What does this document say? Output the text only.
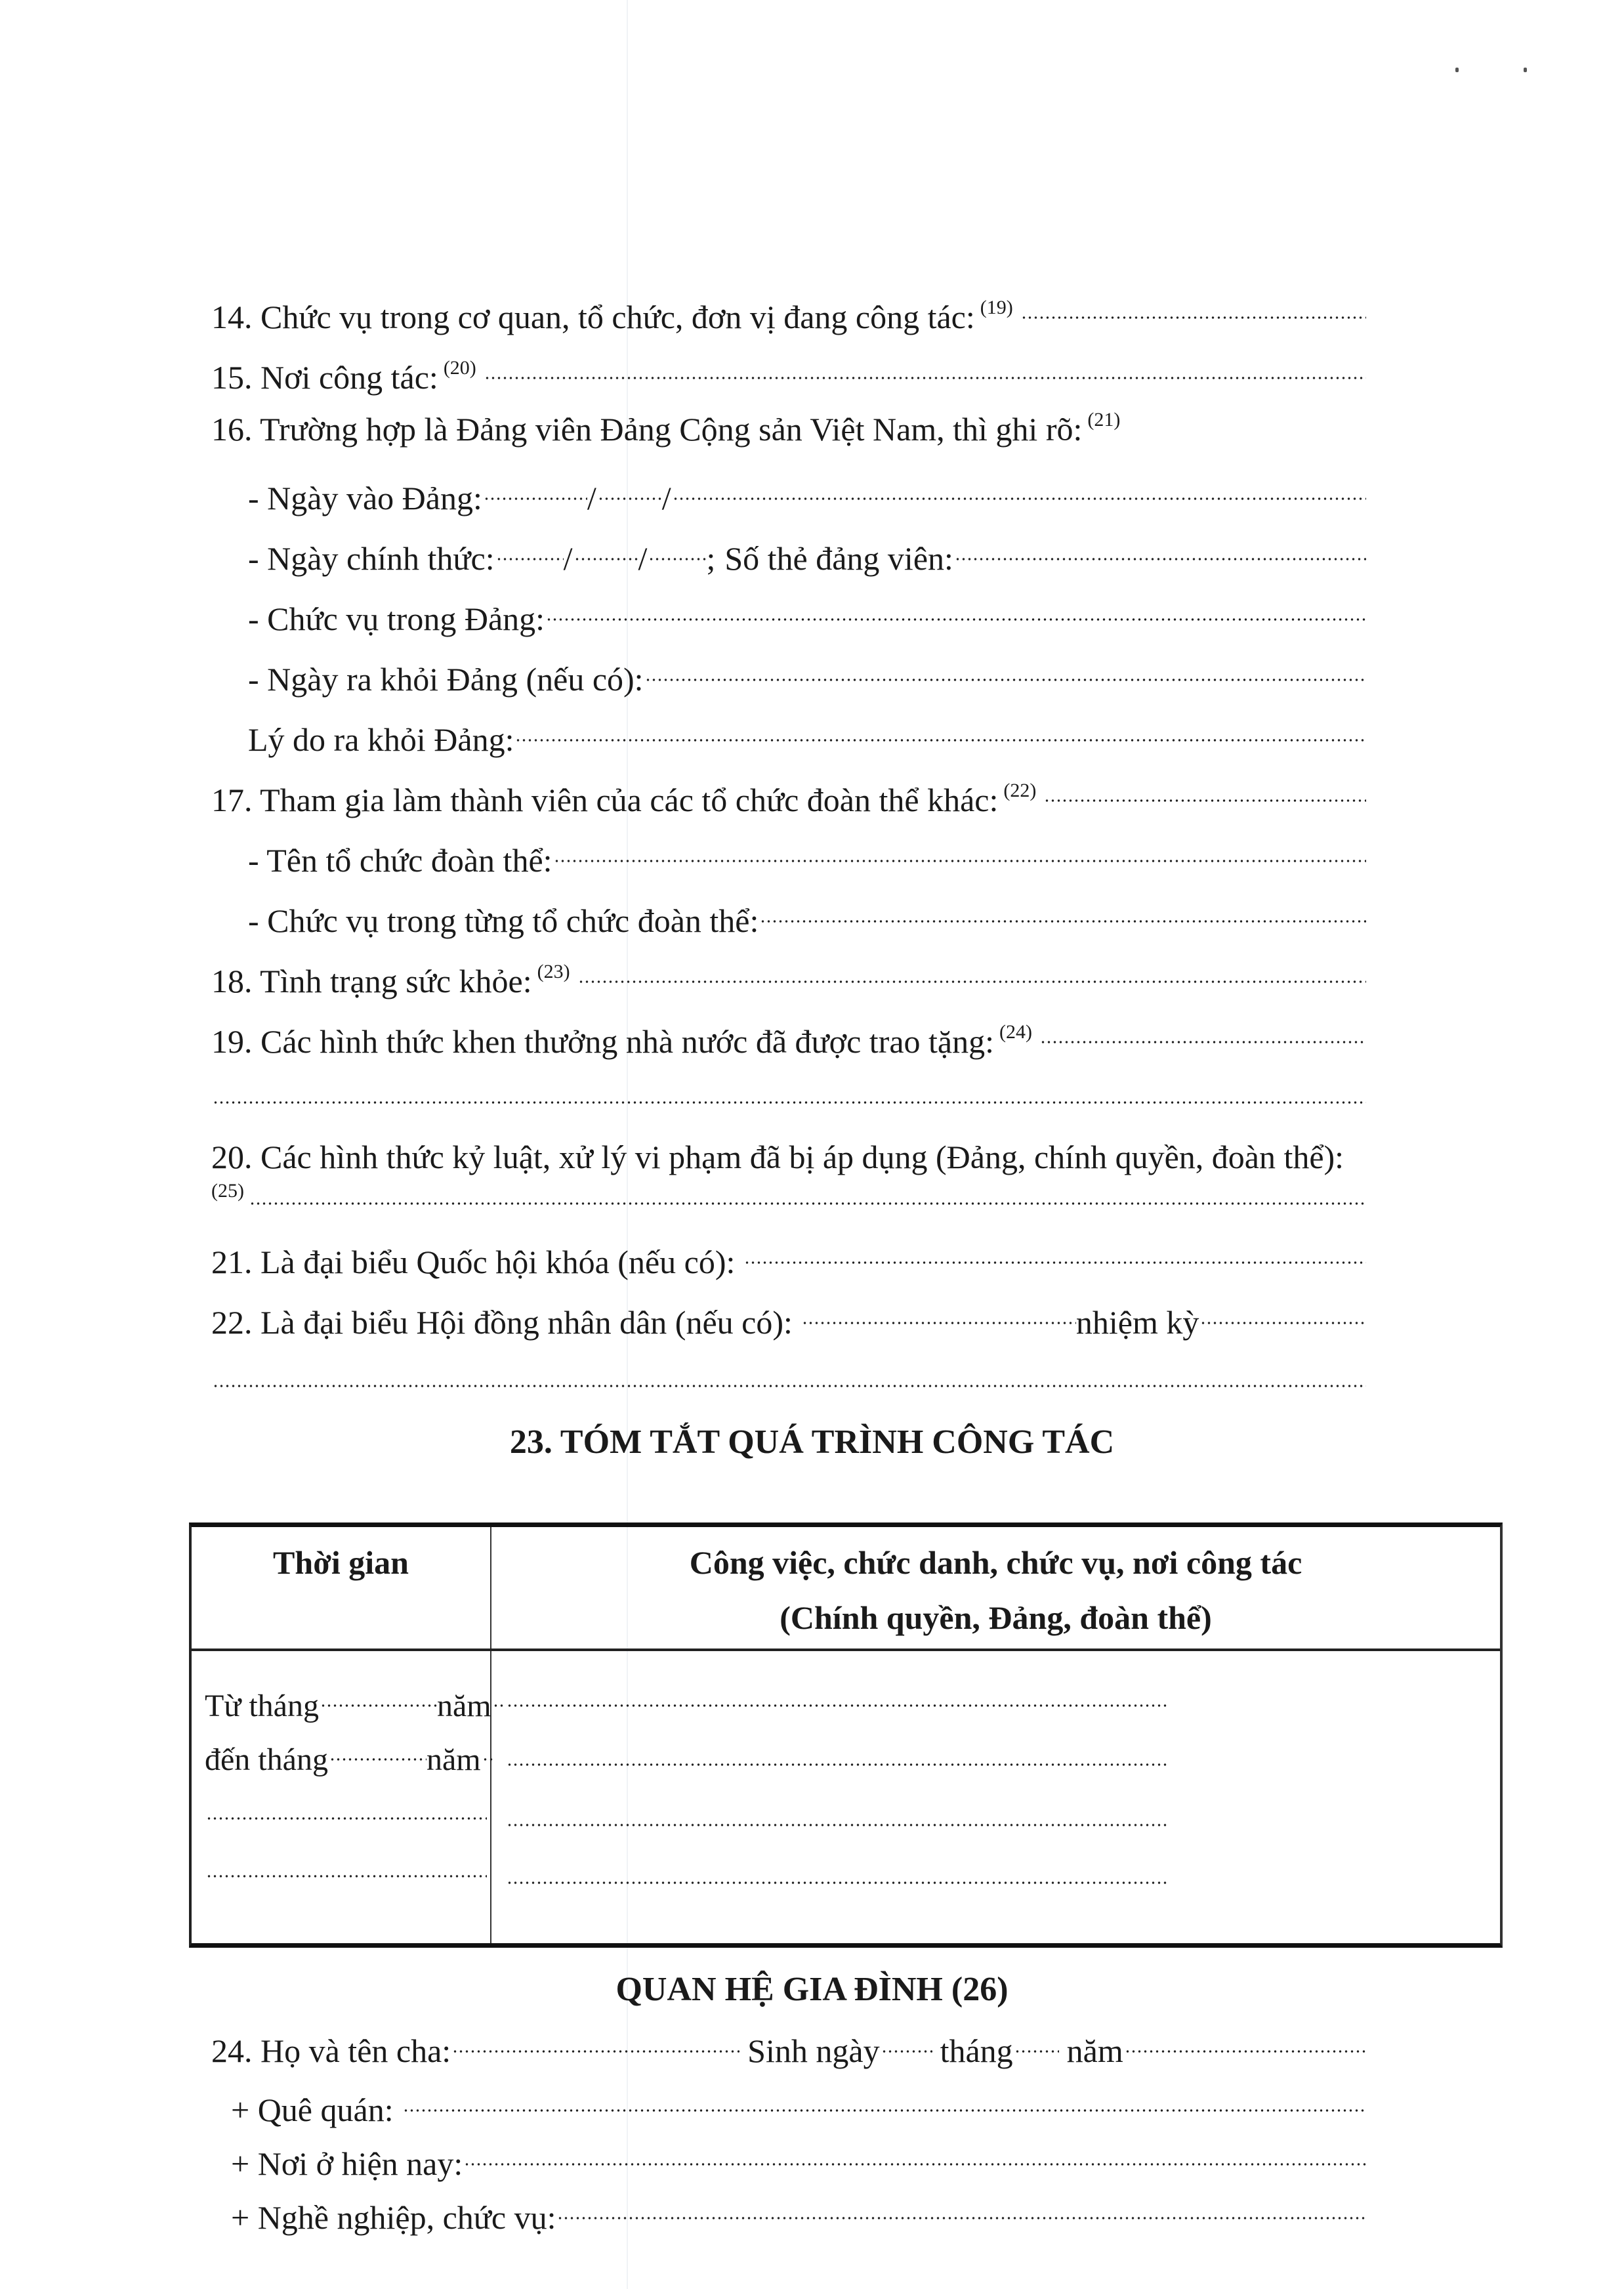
14. Chức vụ trong cơ quan, tổ chức, đơn vị đang công tác: (19)
15. Nơi công tác: (20)
16. Trường hợp là Đảng viên Đảng Cộng sản Việt Nam, thì ghi rõ: (21)
- Ngày vào Đảng:	/ /
- Ngày chính thức: / / ; Số thẻ đảng viên:
- Chức vụ trong Đảng:
- Ngày ra khỏi Đảng (nếu có):
Lý do ra khỏi Đảng:
17. Tham gia làm thành viên của các tổ chức đoàn thể khác: (22)
- Tên tổ chức đoàn thể:
- Chức vụ trong từng tổ chức đoàn thể:
18. Tình trạng sức khỏe: (23)
19. Các hình thức khen thưởng nhà nước đã được trao tặng: (24)
20. Các hình thức kỷ luật, xử lý vi phạm đã bị áp dụng (Đảng, chính quyền, đoàn thể):
(25)
21. Là đại biểu Quốc hội khóa (nếu có):
22. Là đại biểu Hội đồng nhân dân (nếu có):	nhiệm kỳ
23. TÓM TẮT QUÁ TRÌNH CÔNG TÁC
Thời gian	Công việc, chức danh, chức vụ, nơi công tác
(Chính quyền, Đảng, đoàn thể)
Từ tháng	năm
đến tháng	năm
QUAN HỆ GIA ĐÌNH (26)
24. Họ và tên cha:	Sinh ngày tháng năm
+ Quê quán:
+ Nơi ở hiện nay:
+ Nghề nghiệp, chức vụ:
